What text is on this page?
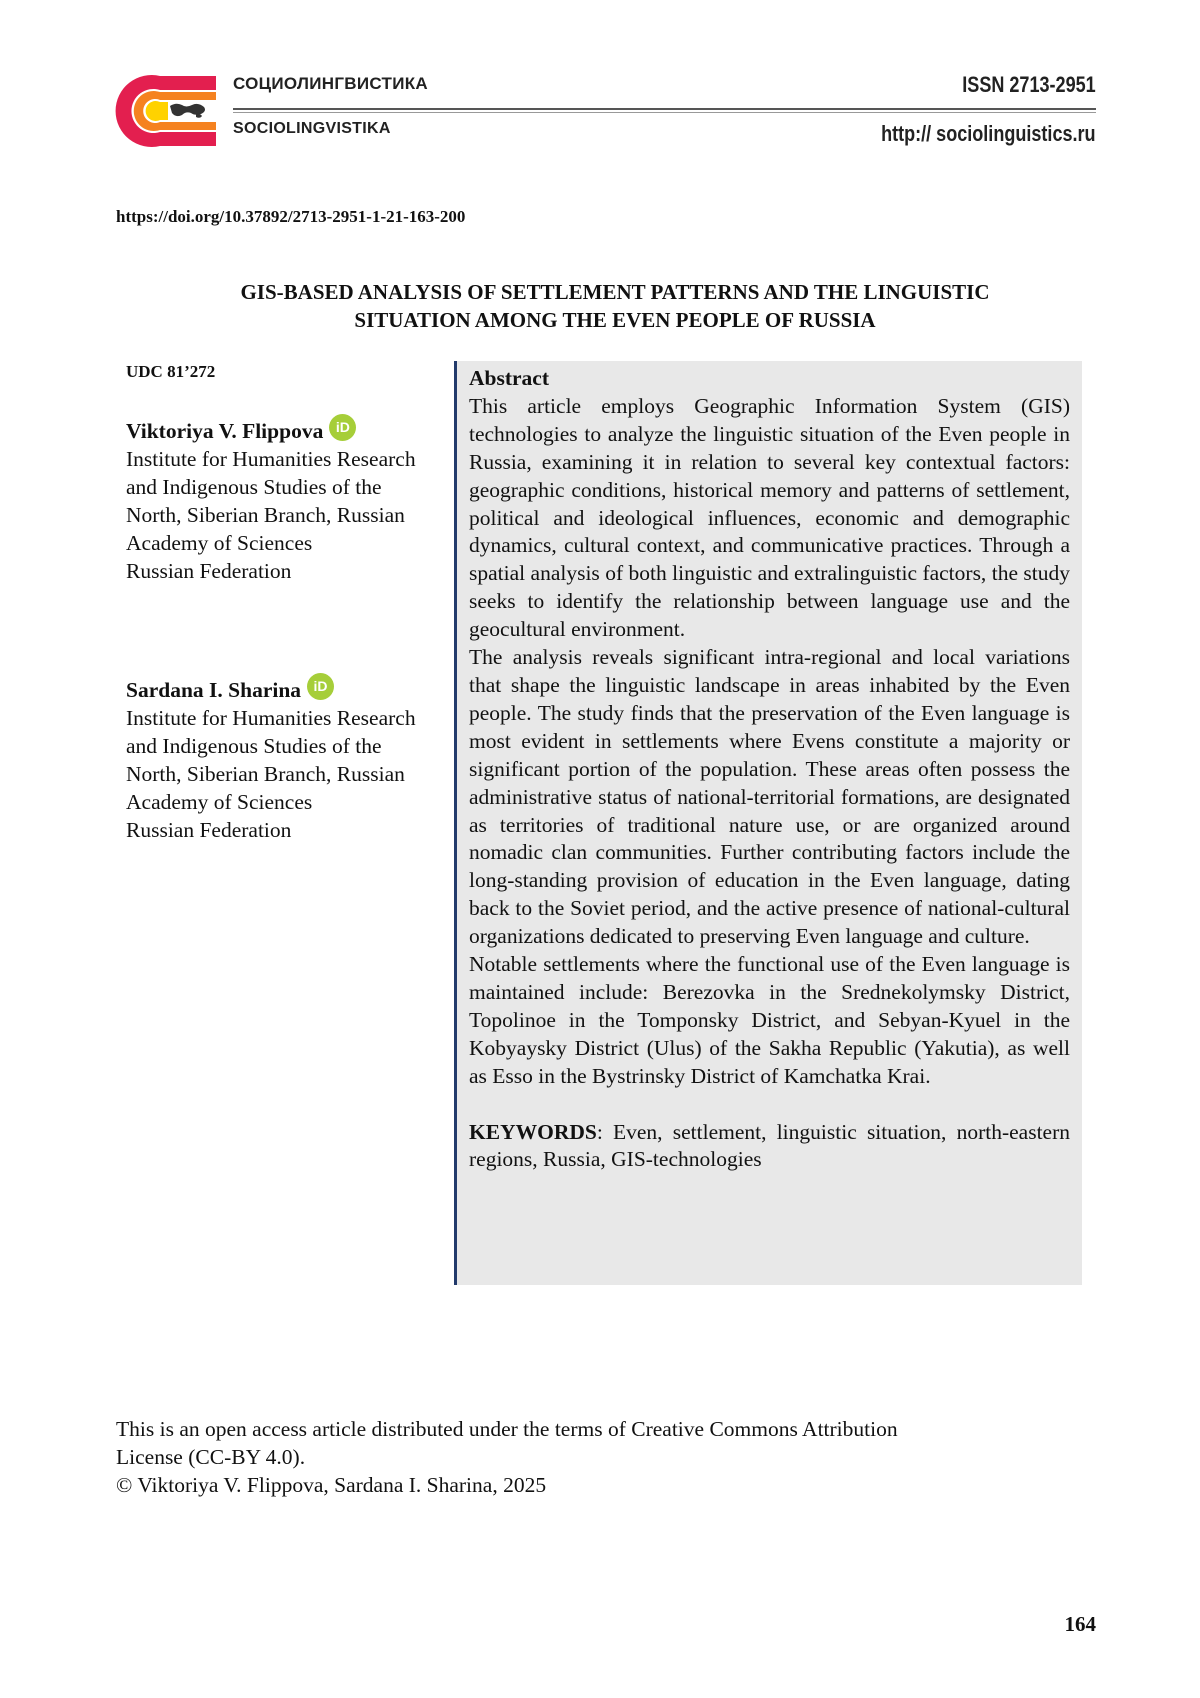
СОЦИОЛИНГВИСТИКА
SOCIOLINGVISTIKA
ISSN 2713-2951
http:// sociolinguistics.ru
https://doi.org/10.37892/2713-2951-1-21-163-200
GIS-BASED ANALYSIS OF SETTLEMENT PATTERNS AND THE LINGUISTIC
SITUATION AMONG THE EVEN PEOPLE OF RUSSIA
UDC 81’272
Viktoriya V. Flippova iD
Institute for Humanities Research and Indigenous Studies of the North, Siberian Branch, Russian Academy of Sciences
Russian Federation
Sardana I. Sharina iD
Institute for Humanities Research and Indigenous Studies of the North, Siberian Branch, Russian Academy of Sciences
Russian Federation

Abstract

This article employs Geographic Information System (GIS) technologies to analyze the linguistic situation of the Even people in Russia, examining it in relation to several key contextual factors: geographic conditions, historical memory and patterns of settlement, political and ideological influences, economic and demographic dynamics, cultural context, and communicative practices. Through a spatial analysis of both linguistic and extralinguistic factors, the study seeks to identify the relationship between language use and the geocultural environment.

The analysis reveals significant intra-regional and local variations that shape the linguistic landscape in areas inhabited by the Even people. The study finds that the preservation of the Even language is most evident in settlements where Evens constitute a majority or significant portion of the population. These areas often possess the administrative status of national-territorial formations, are designated as territories of traditional nature use, or are organized around nomadic clan communities. Further contributing factors include the long-standing provision of education in the Even language, dating back to the Soviet period, and the active presence of national-cultural organizations dedicated to preserving Even language and culture.

Notable settlements where the functional use of the Even language is maintained include: Berezovka in the Srednekolymsky District, Topolinoe in the Tomponsky District, and Sebyan-Kyuel in the Kobyaysky District (Ulus) of the Sakha Republic (Yakutia), as well as Esso in the Bystrinsky District of Kamchatka Krai.

KEYWORDS: Even, settlement, linguistic situation, north-eastern regions, Russia, GIS-technologies

This is an open access article distributed under the terms of Creative Commons Attribution
License (CC-BY 4.0).
© Viktoriya V. Flippova, Sardana I. Sharina, 2025
164
